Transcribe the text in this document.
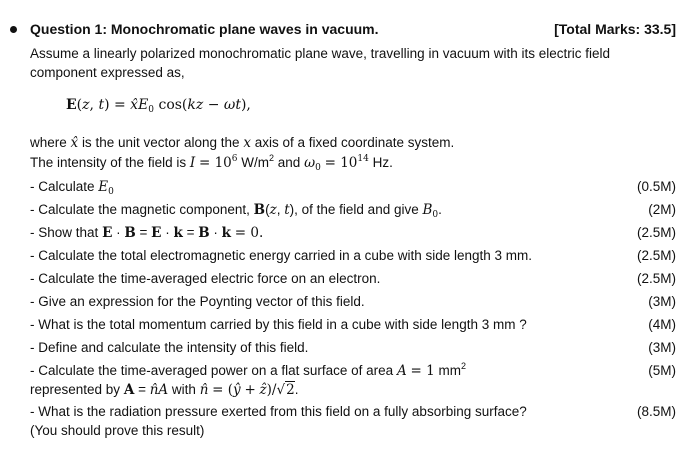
Question 1: Monochromatic plane waves in vacuum.	[Total Marks: 33.5]
Assume a linearly polarized monochromatic plane wave, travelling in vacuum with its electric field
component expressed as,
E(z, $t) = x̂E_0$ cos(kz − ωt),
where x̂ is the unit vector along the x axis of a fixed coordinate system.
The intensity of the field is $I = 10^6$ $W/m^2$ and $\omega_0 = 10^{14}$ Hz.
- Calculate $E_0$	(0.5M)
- Calculate the magnetic component, B(z, t), of the field and give $B_0$.	(2M)
- Show that E · B = E · k = B · k = 0.	(2.5M)
- Calculate the total electromagnetic energy carried in a cube with side length 3 mm.	(2.5M)
- Calculate the time-averaged electric force on an electron.	(2.5M)
- Give an expression for the Poynting vector of this field.	(3M)
- What is the total momentum carried by this field in a cube with side length 3 mm ?	(4M)
- Define and calculate the intensity of this field.	(3M)
- Calculate the time-averaged power on a flat surface of area A = 1 $mm^2$	(5M)
represented by A = n̂A with n̂ = (ŷ + ẑ)/√2.
- What is the radiation pressure exerted from this field on a fully absorbing surface?	(8.5M)
(You should prove this result)
